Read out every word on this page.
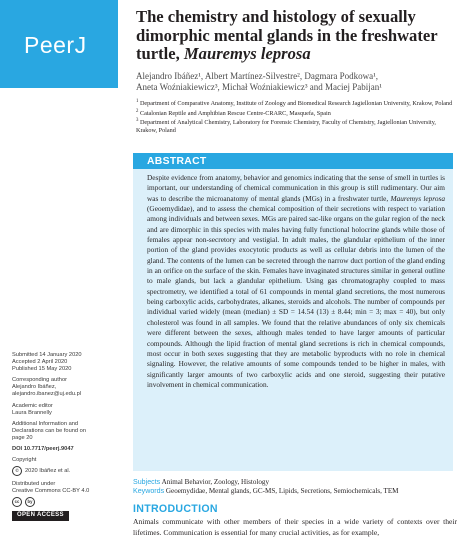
PeerJ
The chemistry and histology of sexually dimorphic mental glands in the freshwater turtle, Mauremys leprosa
Alejandro Ibáñez¹, Albert Martínez-Silvestre², Dagmara Podkowa¹,
Aneta Woźniakiewicz³, Michał Woźniakiewicz³ and Maciej Pabijan¹

$^1$ Department of Comparative Anatomy, Institute of Zoology and Biomedical Research Jagiellonian University, Krakow, Poland

$^2$ Catalonian Reptile and Amphibian Rescue Centre-CRARC, Masquefa, Spain

$^3$ Department of Analytical Chemistry, Laboratory for Forensic Chemistry, Faculty of Chemistry, Jagiellonian University, Krakow, Poland

ABSTRACT

Despite evidence from anatomy, behavior and genomics indicating that the sense of smell in turtles is important, our understanding of chemical communication in this group is still rudimentary. Our aim was to describe the microanatomy of mental glands (MGs) in a freshwater turtle, Mauremys leprosa (Geoemydidae), and to assess the chemical composition of their secretions with respect to variation among individuals and between sexes. MGs are paired sac-like organs on the gular region of the neck and are dimorphic in this species with males having fully functional holocrine glands while those of females appear non-secretory and vestigial. In adult males, the glandular epithelium of the inner portion of the gland provides exocytotic products as well as cellular debris into the lumen of the gland. The contents of the lumen can be secreted through the narrow duct portion of the gland ending in an orifice on the surface of the skin. Females have invaginated structures similar in general outline to male glands, but lack a glandular epithelium. Using gas chromatography coupled to mass spectrometry, we identified a total of 61 compounds in mental gland secretions, the most numerous being carboxylic acids, carbohydrates, alkanes, steroids and alcohols. The number of compounds per individual varied widely (mean (median) ± SD = 14.54 (13) ± 8.44; min = 3; max = 40), but only cholesterol was found in all samples. We found that the relative abundances of only six chemicals were different between the sexes, although males tended to have larger amounts of particular compounds. Although the lipid fraction of mental gland secretions is rich in chemical compounds, most occur in both sexes suggesting that they are metabolic byproducts with no role in chemical signaling. However, the relative amounts of some compounds tended to be higher in males, with significantly larger amounts of two carboxylic acids and one steroid, suggesting their putative involvement in chemical communication.

Submitted 14 January 2020
Accepted 2 April 2020
Published 15 May 2020
Corresponding author
Alejandro Ibáñez,
alejandro.ibanez@uj.edu.pl
Academic editor
Laura Brannelly
Additional Information and
Declarations can be found on
page 20
DOI 10.7717/peerj.9047
Copyright
©	2020 Ibáñez et al.
Distributed under
Creative Commons CC-BY 4.0
cc	by
OPEN ACCESS
Subjects Animal Behavior, Zoology, Histology
Keywords Geoemydidae, Mental glands, GC-MS, Lipids, Secretions, Semiochemicals, TEM
INTRODUCTION

Animals communicate with other members of their species in a wide variety of contexts over their lifetimes. Communication is essential for many crucial activities, as for example,
